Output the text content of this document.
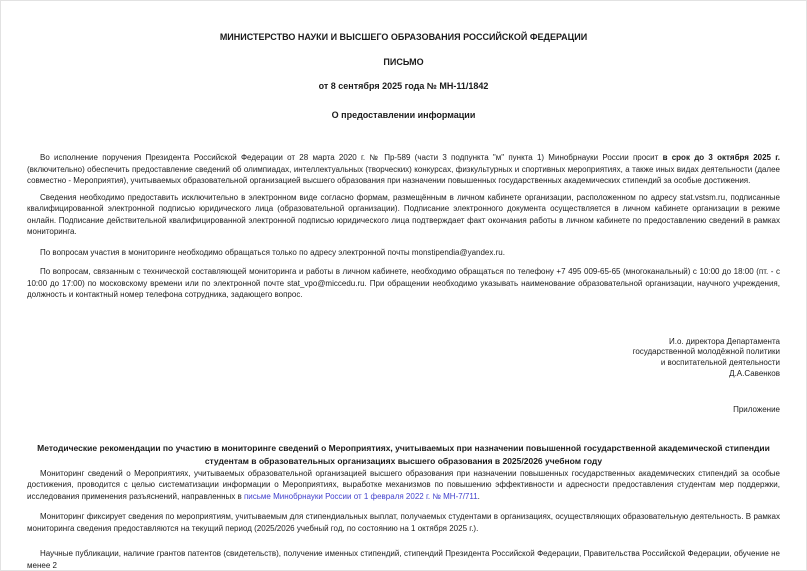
МИНИСТЕРСТВО НАУКИ И ВЫСШЕГО ОБРАЗОВАНИЯ РОССИЙСКОЙ ФЕДЕРАЦИИ

ПИСЬМО

от 8 сентября 2025 года № МН-11/1842

О предоставлении информации

Во исполнение поручения Президента Российской Федерации от 28 марта 2020 г. № Пр-589 (части 3 подпункта "м" пункта 1) Минобрнауки России просит в срок до 3 октября 2025 г. (включительно) обеспечить предоставление сведений об олимпиадах, интеллектуальных (творческих) конкурсах, физкультурных и спортивных мероприятиях, а также иных видах деятельности (далее совместно - Мероприятия), учитываемых образовательной организацией высшего образования при назначении повышенных государственных академических стипендий за особые достижения.

Сведения необходимо предоставить исключительно в электронном виде согласно формам, размещённым в личном кабинете организации, расположенном по адресу stat.vstsm.ru, подписанные квалифицированной электронной подписью юридического лица (образовательной организации). Подписание электронного документа осуществляется в личном кабинете организации в режиме онлайн. Подписание действительной квалифицированной электронной подписью юридического лица подтверждает факт окончания работы в личном кабинете по предоставлению сведений в рамках мониторинга.

По вопросам участия в мониторинге необходимо обращаться только по адресу электронной почты monstipendia@yandex.ru.

По вопросам, связанным с технической составляющей мониторинга и работы в личном кабинете, необходимо обращаться по телефону +7 495 009-65-65 (многоканальный) с 10:00 до 18:00 (пт. - с 10:00 до 17:00) по московскому времени или по электронной почте stat_vpo@miccedu.ru. При обращении необходимо указывать наименование образовательной организации, научного учреждения, должность и контактный номер телефона сотрудника, задающего вопрос.

И.о. директора Департамента
государственной молодёжной политики
и воспитательной деятельности
Д.А.Савенков
Приложение

Методические рекомендации по участию в мониторинге сведений о Мероприятиях, учитываемых при назначении повышенной государственной академической стипендии студентам в образовательных организациях высшего образования в 2025/2026 учебном году

Мониторинг сведений о Мероприятиях, учитываемых образовательной организацией высшего образования при назначении повышенных государственных академических стипендий за особые достижения, проводится с целью систематизации информации о Мероприятиях, выработке механизмов по повышению эффективности и адресности предоставления студентам мер поддержки, исследования применения разъяснений, направленных в письме Минобрнауки России от 1 февраля 2022 г. № МН-7/711.

Мониторинг фиксирует сведения по мероприятиям, учитываемым для стипендиальных выплат, получаемых студентами в организациях, осуществляющих образовательную деятельность. В рамках мониторинга сведения предоставляются на текущий период (2025/2026 учебный год, по состоянию на 1 октября 2025 г.).

Научные публикации, наличие грантов патентов (свидетельств), получение именных стипендий, стипендий Президента Российской Федерации, Правительства Российской Федерации, обучение не менее 2
